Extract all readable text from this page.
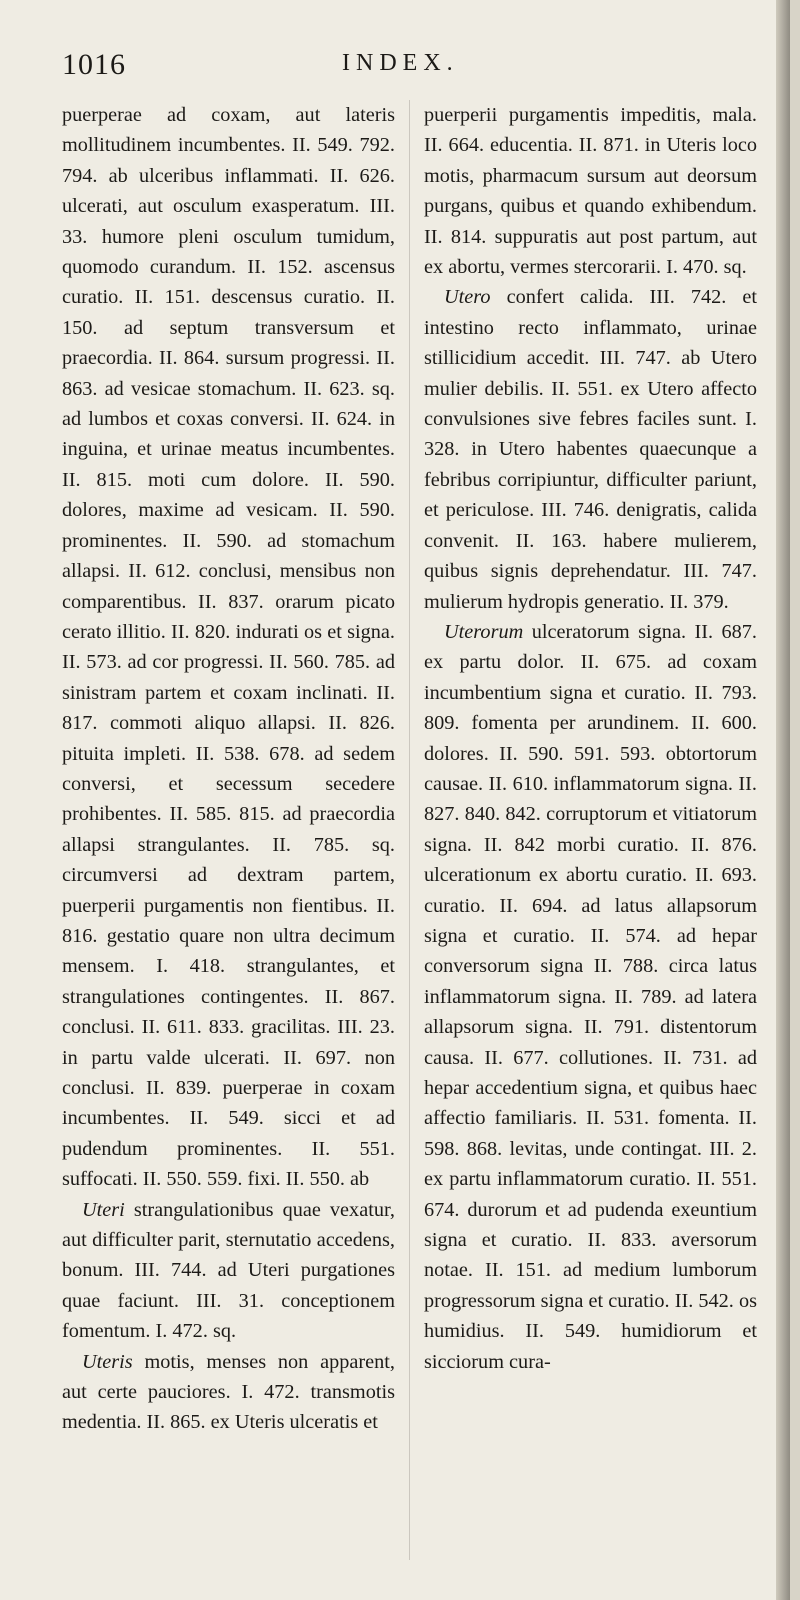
1016	INDEX.

puerperae ad coxam, aut lateris mollitudinem incumbentes. II. 549. 792. 794. ab ulceribus inflammati. II. 626. ulcerati, aut osculum exasperatum. III. 33. humore pleni osculum tumidum, quomodo curandum. II. 152. ascensus curatio. II. 151. descensus curatio. II. 150. ad septum transversum et praecordia. II. 864. sursum progressi. II. 863. ad vesicae stomachum. II. 623. sq. ad lumbos et coxas conversi. II. 624. in inguina, et urinae meatus incumbentes. II. 815. moti cum dolore. II. 590. dolores, maxime ad vesicam. II. 590. prominentes. II. 590. ad stomachum allapsi. II. 612. conclusi, mensibus non comparentibus. II. 837. orarum picato cerato illitio. II. 820. indurati os et signa. II. 573. ad cor progressi. II. 560. 785. ad sinistram partem et coxam inclinati. II. 817. commoti aliquo allapsi. II. 826. pituita impleti. II. 538. 678. ad sedem conversi, et secessum secedere prohibentes. II. 585. 815. ad praecordia allapsi strangulantes. II. 785. sq. circumversi ad dextram partem, puerperii purgamentis non fientibus. II. 816. gestatio quare non ultra decimum mensem. I. 418. strangulantes, et strangulationes contingentes. II. 867. conclusi. II. 611. 833. gracilitas. III. 23. in partu valde ulcerati. II. 697. non conclusi. II. 839. puerperae in coxam incumbentes. II. 549. sicci et ad pudendum prominentes. II. 551. suffocati. II. 550. 559. fixi. II. 550. ab

Uteri strangulationibus quae vexatur, aut difficulter parit, sternutatio accedens, bonum. III. 744. ad Uteri purgationes quae faciunt. III. 31. conceptionem fomentum. I. 472. sq.

Uteris motis, menses non apparent, aut certe pauciores. I. 472. transmotis medentia. II. 865. ex Uteris ulceratis et

puerperii purgamentis impeditis, mala. II. 664. educentia. II. 871. in Uteris loco motis, pharmacum sursum aut deorsum purgans, quibus et quando exhibendum. II. 814. suppuratis aut post partum, aut ex abortu, vermes stercorarii. I. 470. sq.

Utero confert calida. III. 742. et intestino recto inflammato, urinae stillicidium accedit. III. 747. ab Utero mulier debilis. II. 551. ex Utero affecto convulsiones sive febres faciles sunt. I. 328. in Utero habentes quaecunque a febribus corripiuntur, difficulter pariunt, et periculose. III. 746. denigratis, calida convenit. II. 163. habere mulierem, quibus signis deprehendatur. III. 747. mulierum hydropis generatio. II. 379.

Uterorum ulceratorum signa. II. 687. ex partu dolor. II. 675. ad coxam incumbentium signa et curatio. II. 793. 809. fomenta per arundinem. II. 600. dolores. II. 590. 591. 593. obtortorum causae. II. 610. inflammatorum signa. II. 827. 840. 842. corruptorum et vitiatorum signa. II. 842 morbi curatio. II. 876. ulcerationum ex abortu curatio. II. 693. curatio. II. 694. ad latus allapsorum signa et curatio. II. 574. ad hepar conversorum signa II. 788. circa latus inflammatorum signa. II. 789. ad latera allapsorum signa. II. 791. distentorum causa. II. 677. collutiones. II. 731. ad hepar accedentium signa, et quibus haec affectio familiaris. II. 531. fomenta. II. 598. 868. levitas, unde contingat. III. 2. ex partu inflammatorum curatio. II. 551. 674. durorum et ad pudenda exeuntium signa et curatio. II. 833. aversorum notae. II. 151. ad medium lumborum progressorum signa et curatio. II. 542. os humidius. II. 549. humidiorum et sicciorum cura-
